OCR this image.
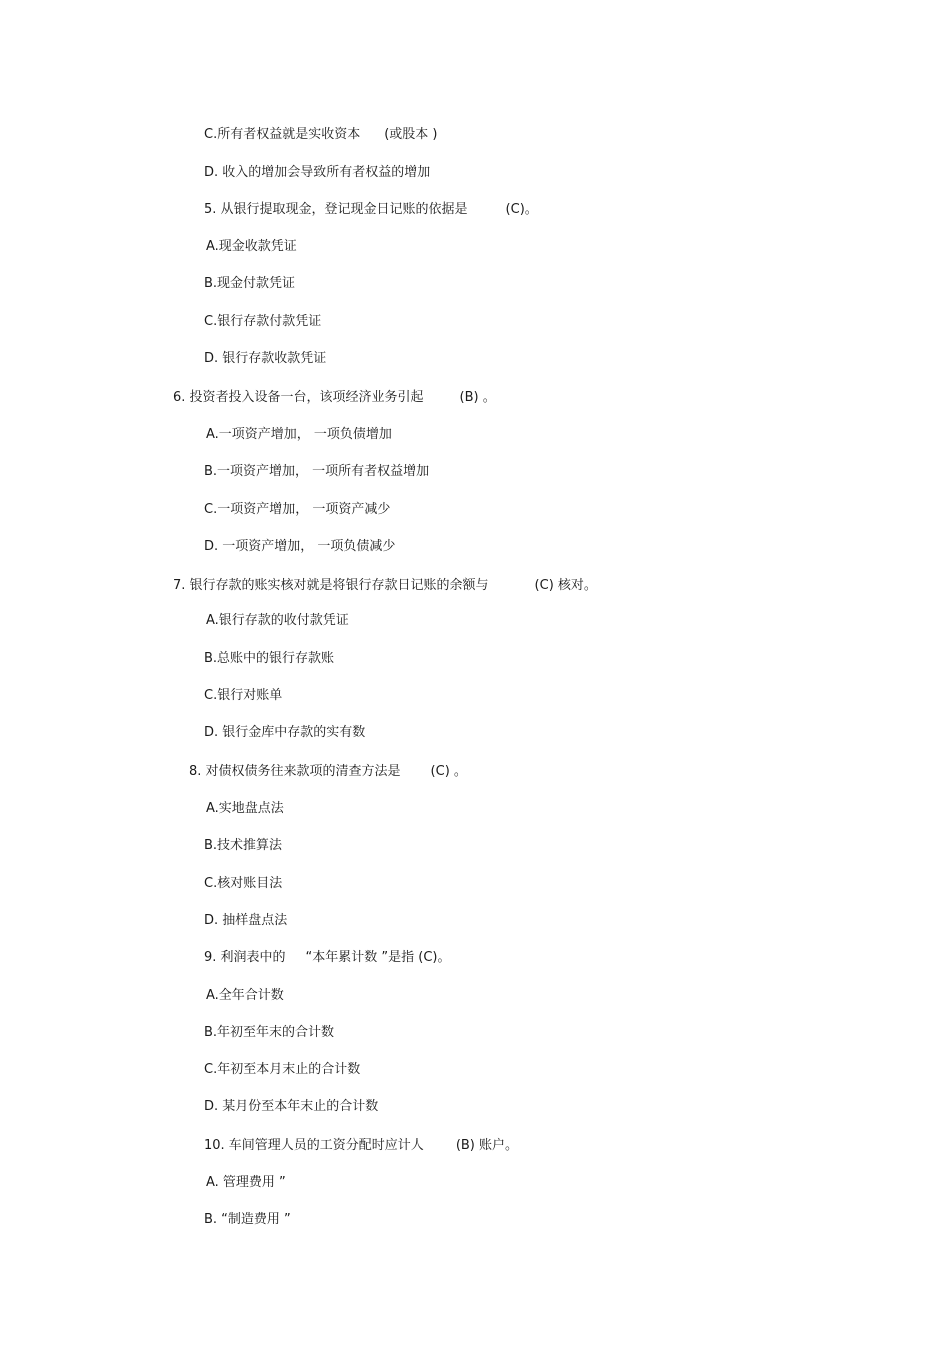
C.所有者权益就是实收资本 (或股本 )
D. 收入的增加会导致所有者权益的增加
5. 从银行提取现金，登记现金日记账的依据是	(C)。
A.现金收款凭证
B.现金付款凭证
C.银行存款付款凭证
D. 银行存款收款凭证
6. 投资者投入设备一台，该项经济业务引起	(B) 。
A.一项资产增加， 一项负债增加
B.一项资产增加， 一项所有者权益增加
C.一项资产增加， 一项资产减少
D. 一项资产增加， 一项负债减少
7. 银行存款的账实核对就是将银行存款日记账的余额与	(C) 核对。
A.银行存款的收付款凭证
B.总账中的银行存款账
C.银行对账单
D. 银行金库中存款的实有数
8. 对债权债务往来款项的清查方法是 (C) 。
A.实地盘点法
B.技术推算法
C.核对账目法
D. 抽样盘点法
9. 利润表中的 “本年累计数 ”是指 (C)。
A.全年合计数
B.年初至年末的合计数
C.年初至本月末止的合计数
D. 某月份至本年末止的合计数
10. 车间管理人员的工资分配时应计人 (B) 账户。
A. 管理费用 ”
B. “制造费用 ”
